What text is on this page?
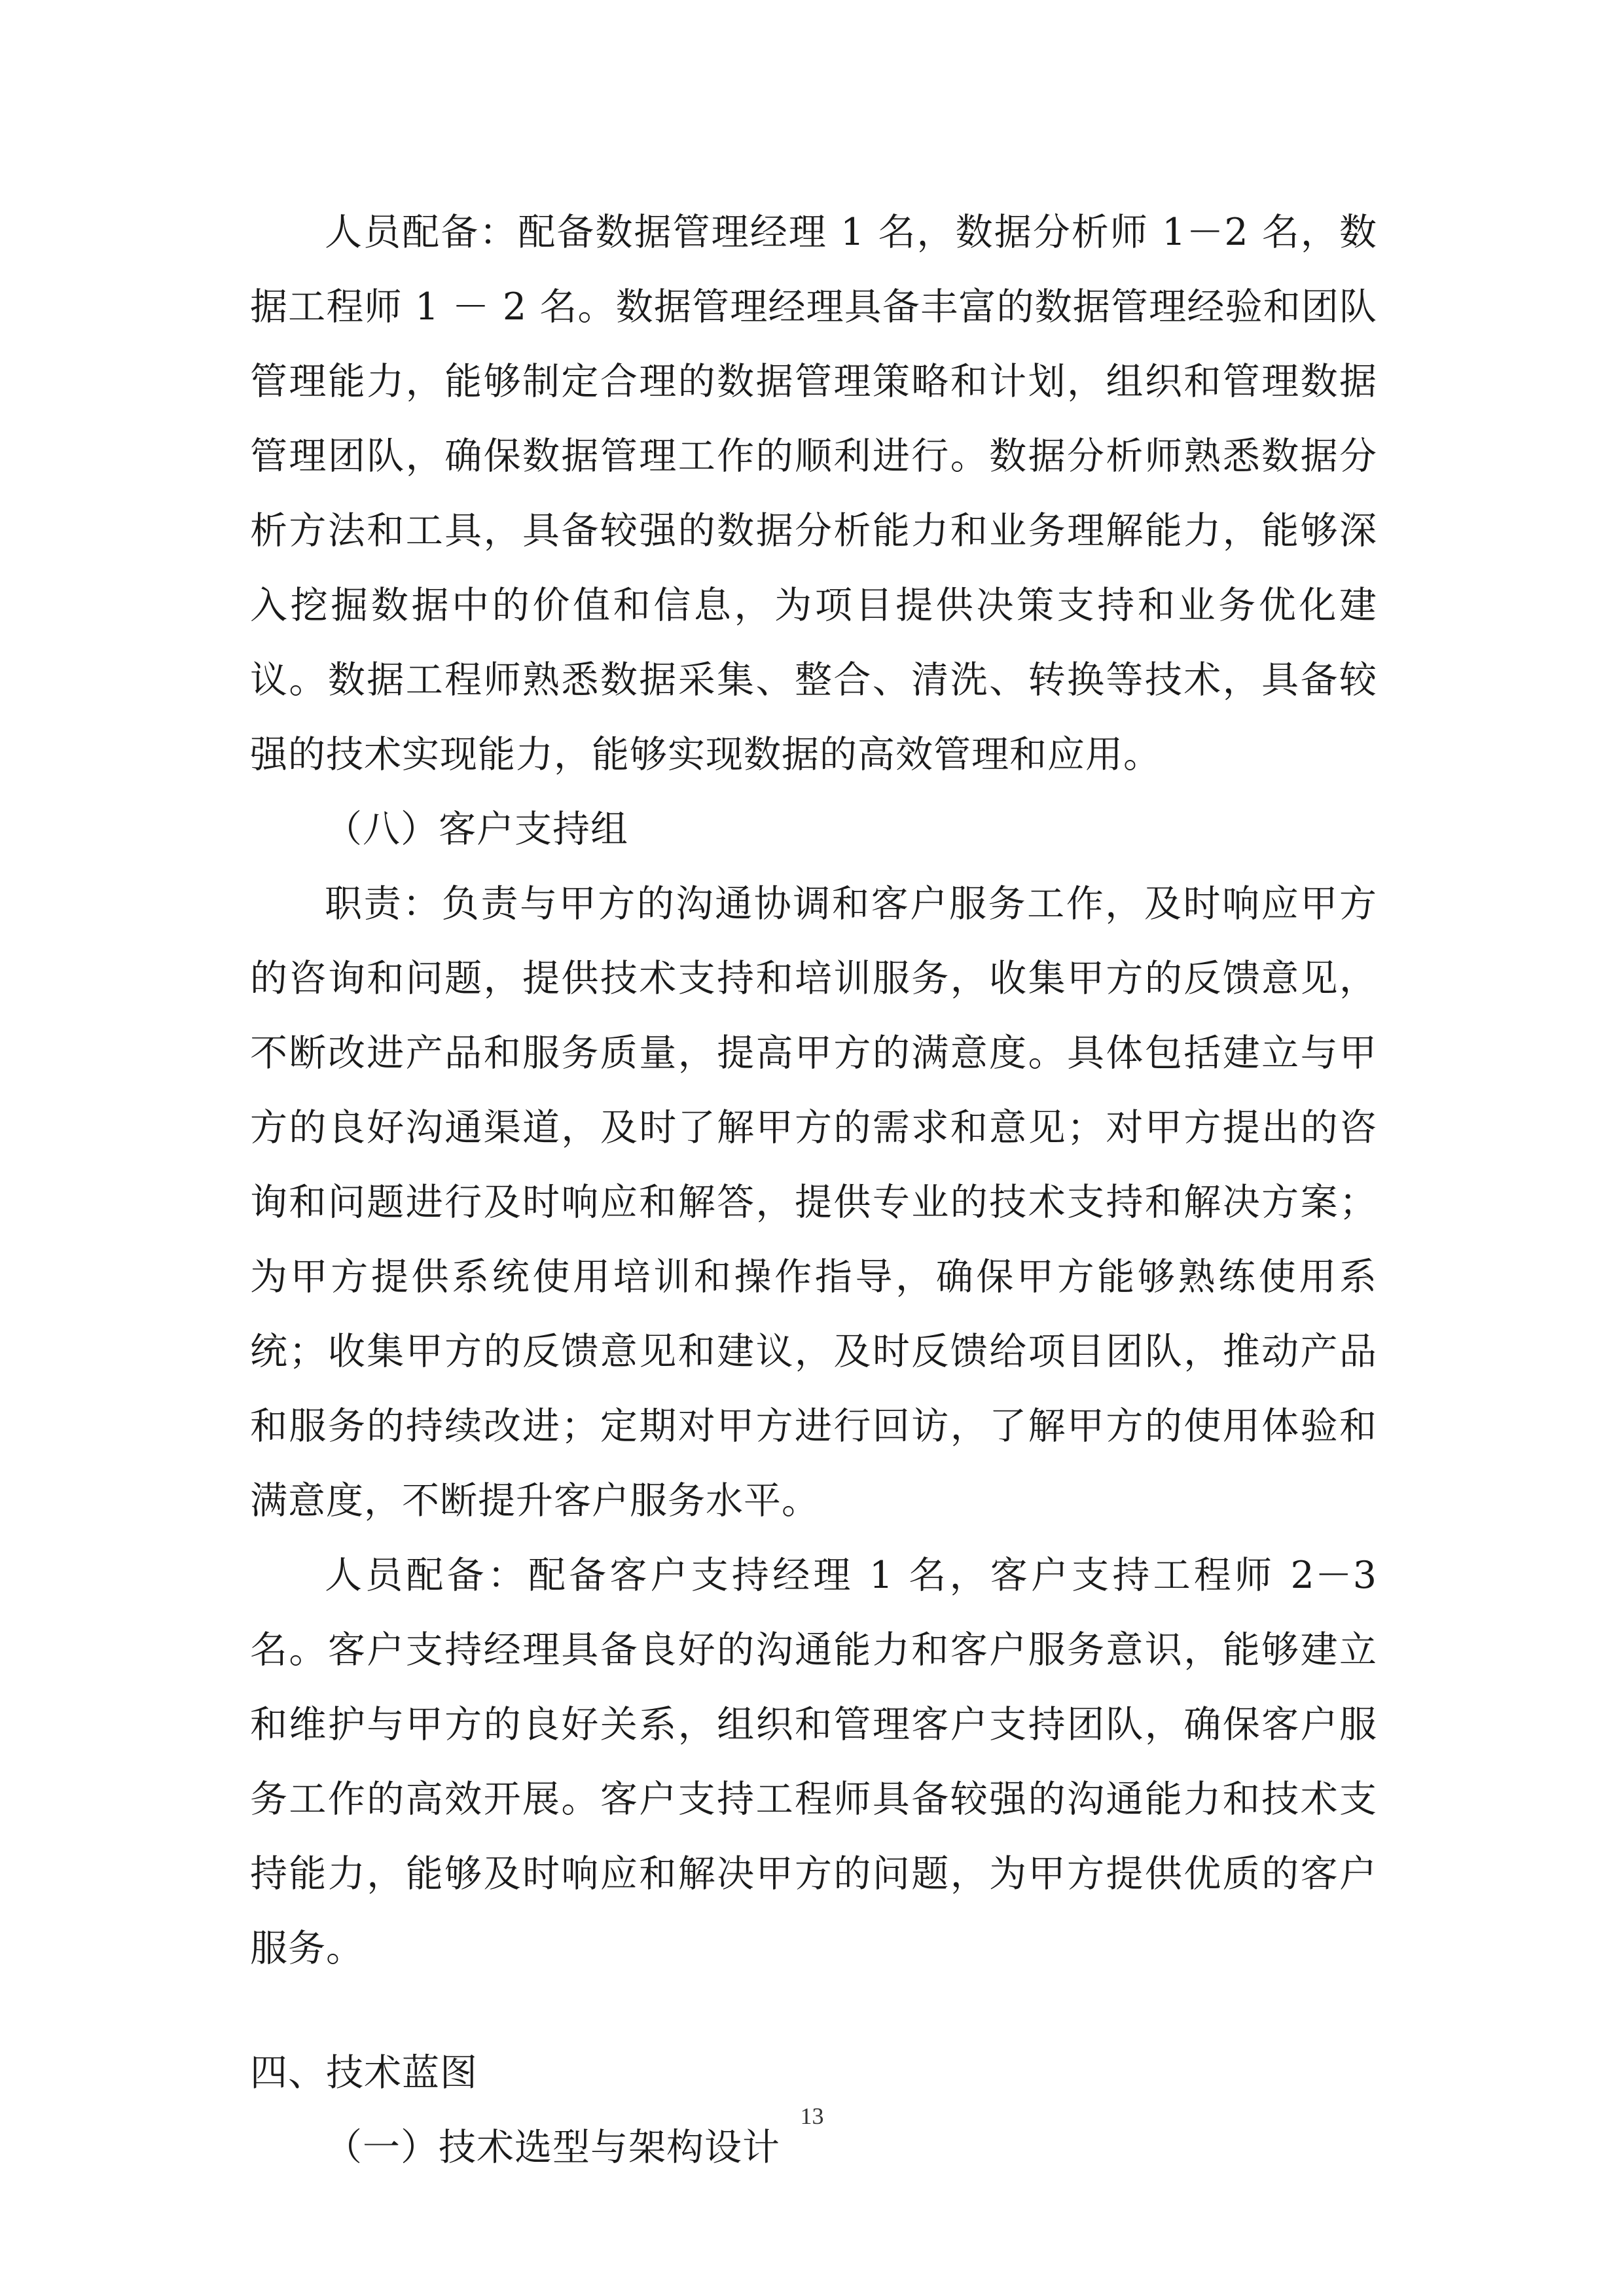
人员配备：配备数据管理经理 1 名，数据分析师 1－2 名，数据工程师 1 － 2 名。数据管理经理具备丰富的数据管理经验和团队管理能力，能够制定合理的数据管理策略和计划，组织和管理数据管理团队，确保数据管理工作的顺利进行。数据分析师熟悉数据分析方法和工具，具备较强的数据分析能力和业务理解能力，能够深入挖掘数据中的价值和信息，为项目提供决策支持和业务优化建议。数据工程师熟悉数据采集、整合、清洗、转换等技术，具备较强的技术实现能力，能够实现数据的高效管理和应用。

（八）客户支持组

职责：负责与甲方的沟通协调和客户服务工作，及时响应甲方的咨询和问题，提供技术支持和培训服务，收集甲方的反馈意见，不断改进产品和服务质量，提高甲方的满意度。具体包括建立与甲方的良好沟通渠道，及时了解甲方的需求和意见；对甲方提出的咨询和问题进行及时响应和解答，提供专业的技术支持和解决方案；为甲方提供系统使用培训和操作指导，确保甲方能够熟练使用系统；收集甲方的反馈意见和建议，及时反馈给项目团队，推动产品和服务的持续改进；定期对甲方进行回访，了解甲方的使用体验和满意度，不断提升客户服务水平。

人员配备：配备客户支持经理 1 名，客户支持工程师 2－3 名。客户支持经理具备良好的沟通能力和客户服务意识，能够建立和维护与甲方的良好关系，组织和管理客户支持团队，确保客户服务工作的高效开展。客户支持工程师具备较强的沟通能力和技术支持能力，能够及时响应和解决甲方的问题，为甲方提供优质的客户服务。

四、技术蓝图

（一）技术选型与架构设计

13
